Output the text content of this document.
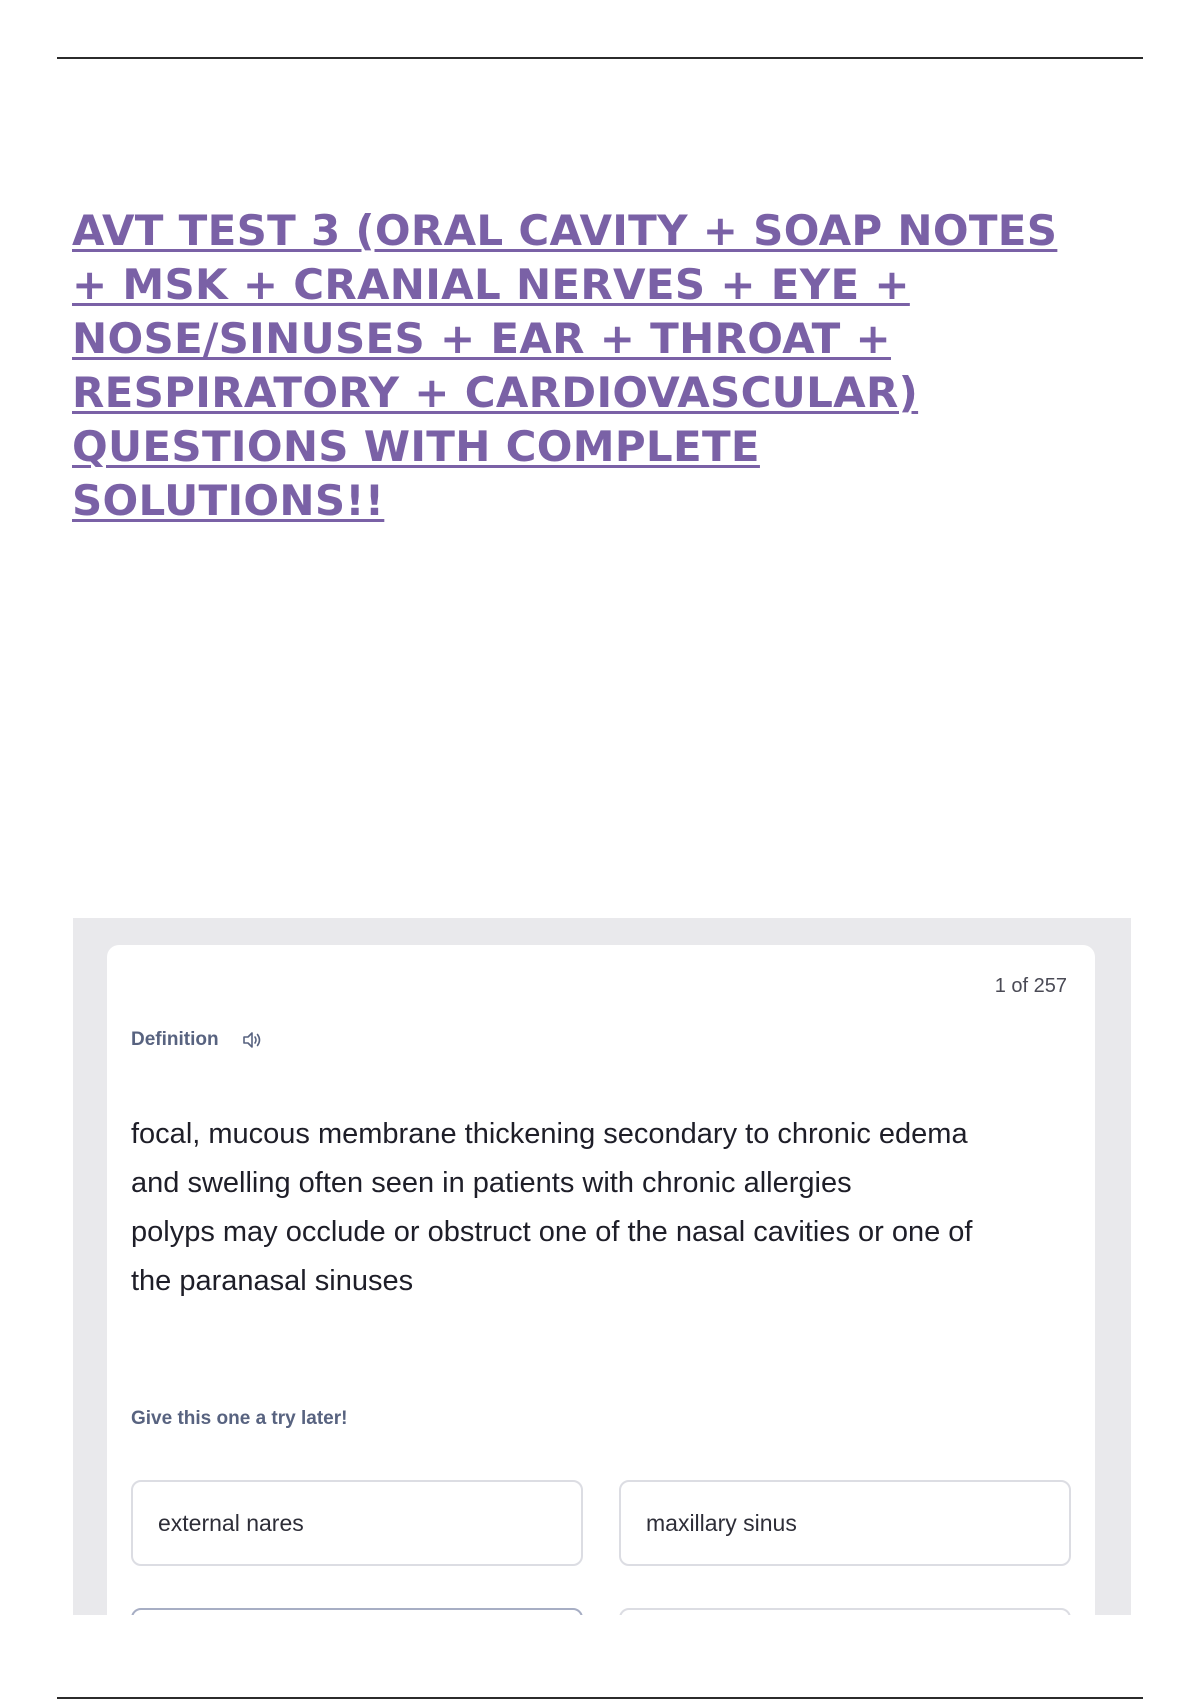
AVT TEST 3 (ORAL CAVITY + SOAP NOTES
+ MSK + CRANIAL NERVES + EYE +
NOSE/SINUSES + EAR + THROAT +
RESPIRATORY + CARDIOVASCULAR)
QUESTIONS WITH COMPLETE
SOLUTIONS!!
1 of 257
Definition

focal, mucous membrane thickening secondary to chronic edema
and swelling often seen in patients with chronic allergies
polyps may occlude or obstruct one of the nasal cavities or one of
the paranasal sinuses

Give this one a try later!
external nares	maxillary sinus
